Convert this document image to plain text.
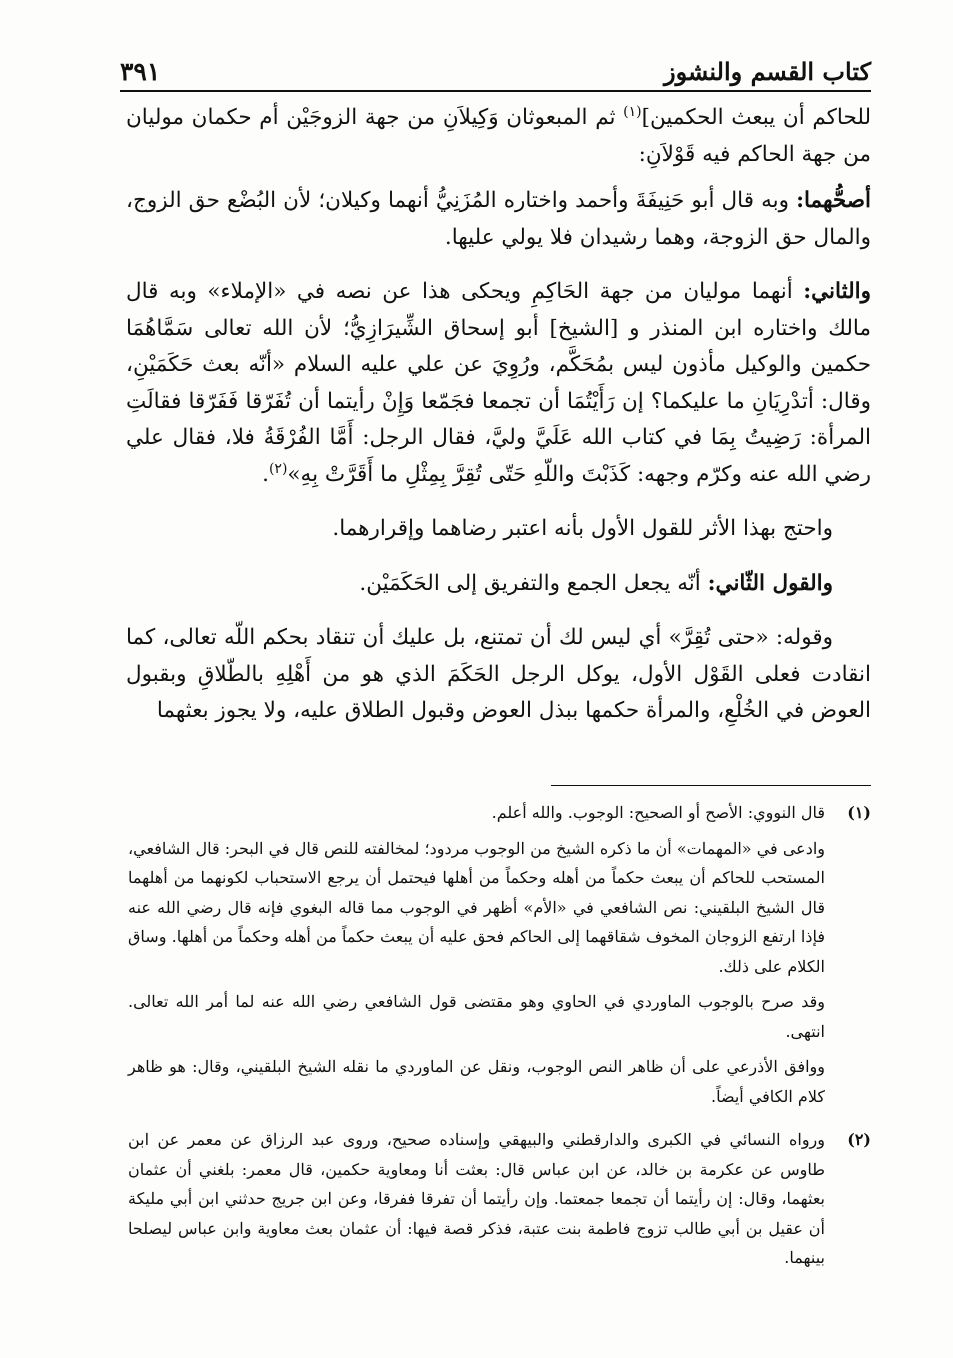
كتاب القسم والنشوز
٣٩١

للحاكم أن يبعث الحكمين]$^{(١)}$ ثم المبعوثان وَكِيلاَنِ من جهة الزوجَيْن أم حكمان موليان من جهة الحاكم فيه قَوْلاَنِ:

أصحُّهما: وبه قال أبو حَنِيفَةَ وأحمد واختاره المُزَنِيُّ أنهما وكيلان؛ لأن البُضْع حق الزوج، والمال حق الزوجة، وهما رشيدان فلا يولي عليها.

والثاني: أنهما موليان من جهة الحَاكِمِ ويحكى هذا عن نصه في «الإملاء» وبه قال مالك واختاره ابن المنذر و [الشيخ] أبو إسحاق الشِّيرَازِيُّ؛ لأن الله تعالى سَمَّاهُمَا حكمين والوكيل مأذون ليس بمُحَكَّم، ورُوِيَ عن علي عليه السلام «أنّه بعث حَكَمَيْنِ، وقال: أتدْرِيَانِ ما عليكما؟ إن رَأَيْتُمَا أن تجمعا فجَمّعا وَإِنْ رأيتما أن تُفَرّقا فَفَرّقا فقالَتِ المرأة: رَضِيتُ بِمَا في كتاب الله عَلَيَّ وليَّ، فقال الرجل: أَمَّا الفُرْقَةُ فلا، فقال علي رضي الله عنه وكرّم وجهه: كَذَبْتَ واللّهِ حَتّى تُقِرَّ بِمِثْلِ ما أَقَرَّتْ بِهِ»$^{(٢)}$.

واحتج بهذا الأثر للقول الأول بأنه اعتبر رضاهما وإقرارهما.

والقول الثّاني: أنّه يجعل الجمع والتفريق إلى الحَكَمَيْن.

وقوله: «حتى تُقِرَّ» أي ليس لك أن تمتنع، بل عليك أن تنقاد بحكم اللّه تعالى، كما انقادت فعلى القَوْل الأول، يوكل الرجل الحَكَمَ الذي هو من أَهْلِهِ بالطّلاقِ وبقبول العوض في الخُلْعِ، والمرأة حكمها ببذل العوض وقبول الطلاق عليه، ولا يجوز بعثهما

(١)

قال النووي: الأصح أو الصحيح: الوجوب. والله أعلم.

وادعى في «المهمات» أن ما ذكره الشيخ من الوجوب مردود؛ لمخالفته للنص قال في البحر: قال الشافعي، المستحب للحاكم أن يبعث حكماً من أهله وحكماً من أهلها فيحتمل أن يرجع الاستحباب لكونهما من أهلهما قال الشيخ البلقيني: نص الشافعي في «الأم» أظهر في الوجوب مما قاله البغوي فإنه قال رضي الله عنه فإذا ارتفع الزوجان المخوف شقاقهما إلى الحاكم فحق عليه أن يبعث حكماً من أهله وحكماً من أهلها. وساق الكلام على ذلك.

وقد صرح بالوجوب الماوردي في الحاوي وهو مقتضى قول الشافعي رضي الله عنه لما أمر الله تعالى. انتهى.

ووافق الأذرعي على أن ظاهر النص الوجوب، ونقل عن الماوردي ما نقله الشيخ البلقيني، وقال: هو ظاهر كلام الكافي أيضاً.

(٢)

ورواه النسائي في الكبرى والدارقطني والبيهقي وإسناده صحيح، وروى عبد الرزاق عن معمر عن ابن طاوس عن عكرمة بن خالد، عن ابن عباس قال: بعثت أنا ومعاوية حكمين، قال معمر: بلغني أن عثمان بعثهما، وقال: إن رأيتما أن تجمعا جمعتما. وإن رأيتما أن تفرقا ففرقا، وعن ابن جريج حدثني ابن أبي مليكة أن عقيل بن أبي طالب تزوج فاطمة بنت عتبة، فذكر قصة فيها: أن عثمان بعث معاوية وابن عباس ليصلحا بينهما.
